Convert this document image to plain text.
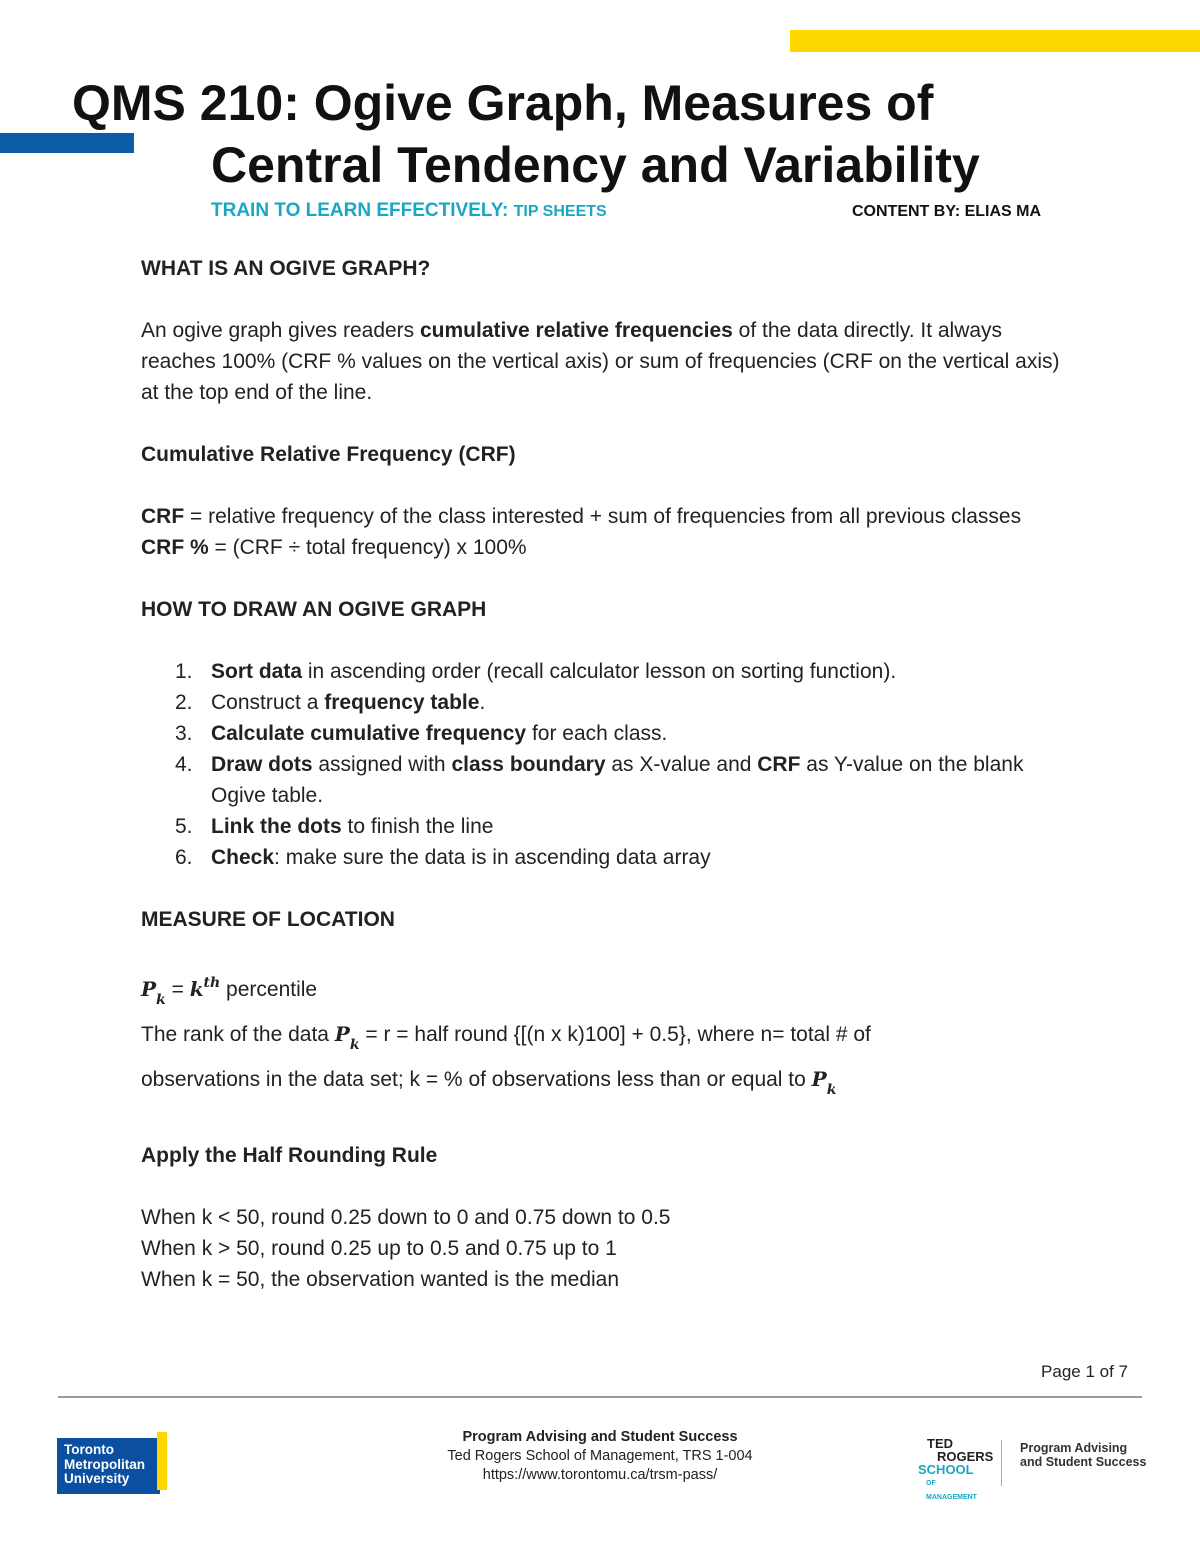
QMS 210: Ogive Graph, Measures of
Central Tendency and Variability
TRAIN TO LEARN EFFECTIVELY: TIP SHEETS	CONTENT BY: ELIAS MA

WHAT IS AN OGIVE GRAPH?

An ogive graph gives readers cumulative relative frequencies of the data directly. It always reaches 100% (CRF % values on the vertical axis) or sum of frequencies (CRF on the vertical axis) at the top end of the line.

Cumulative Relative Frequency (CRF)

CRF = relative frequency of the class interested + sum of frequencies from all previous classes

CRF % = (CRF ÷ total frequency) x 100%

HOW TO DRAW AN OGIVE GRAPH

1. Sort data in ascending order (recall calculator lesson on sorting function).
2. Construct a frequency table.
3. Calculate cumulative frequency for each class.
4. Draw dots assigned with class boundary as X-value and CRF as Y-value on the blank Ogive table.
5. Link the dots to finish the line
6. Check: make sure the data is in ascending data array

MEASURE OF LOCATION

$P_k = k^{th}$ percentile

The rank of the data $P_k = r$ = half round {[(n x k)100] + 0.5}, where n= total # of

observations in the data set; k = % of observations less than or equal to $P_k$

Apply the Half Rounding Rule

When k < 50, round 0.25 down to 0 and 0.75 down to 0.5

When k > 50, round 0.25 up to 0.5 and 0.75 up to 1

When k = 50, the observation wanted is the median

Page 1 of 7
Toronto
Metropolitan
University
Program Advising and Student Success
Ted Rogers School of Management, TRS 1-004
https://www.torontomu.ca/trsm-pass/
TED
ROGERS
SCHOOL
OF MANAGEMENT
Program Advising
and Student Success
